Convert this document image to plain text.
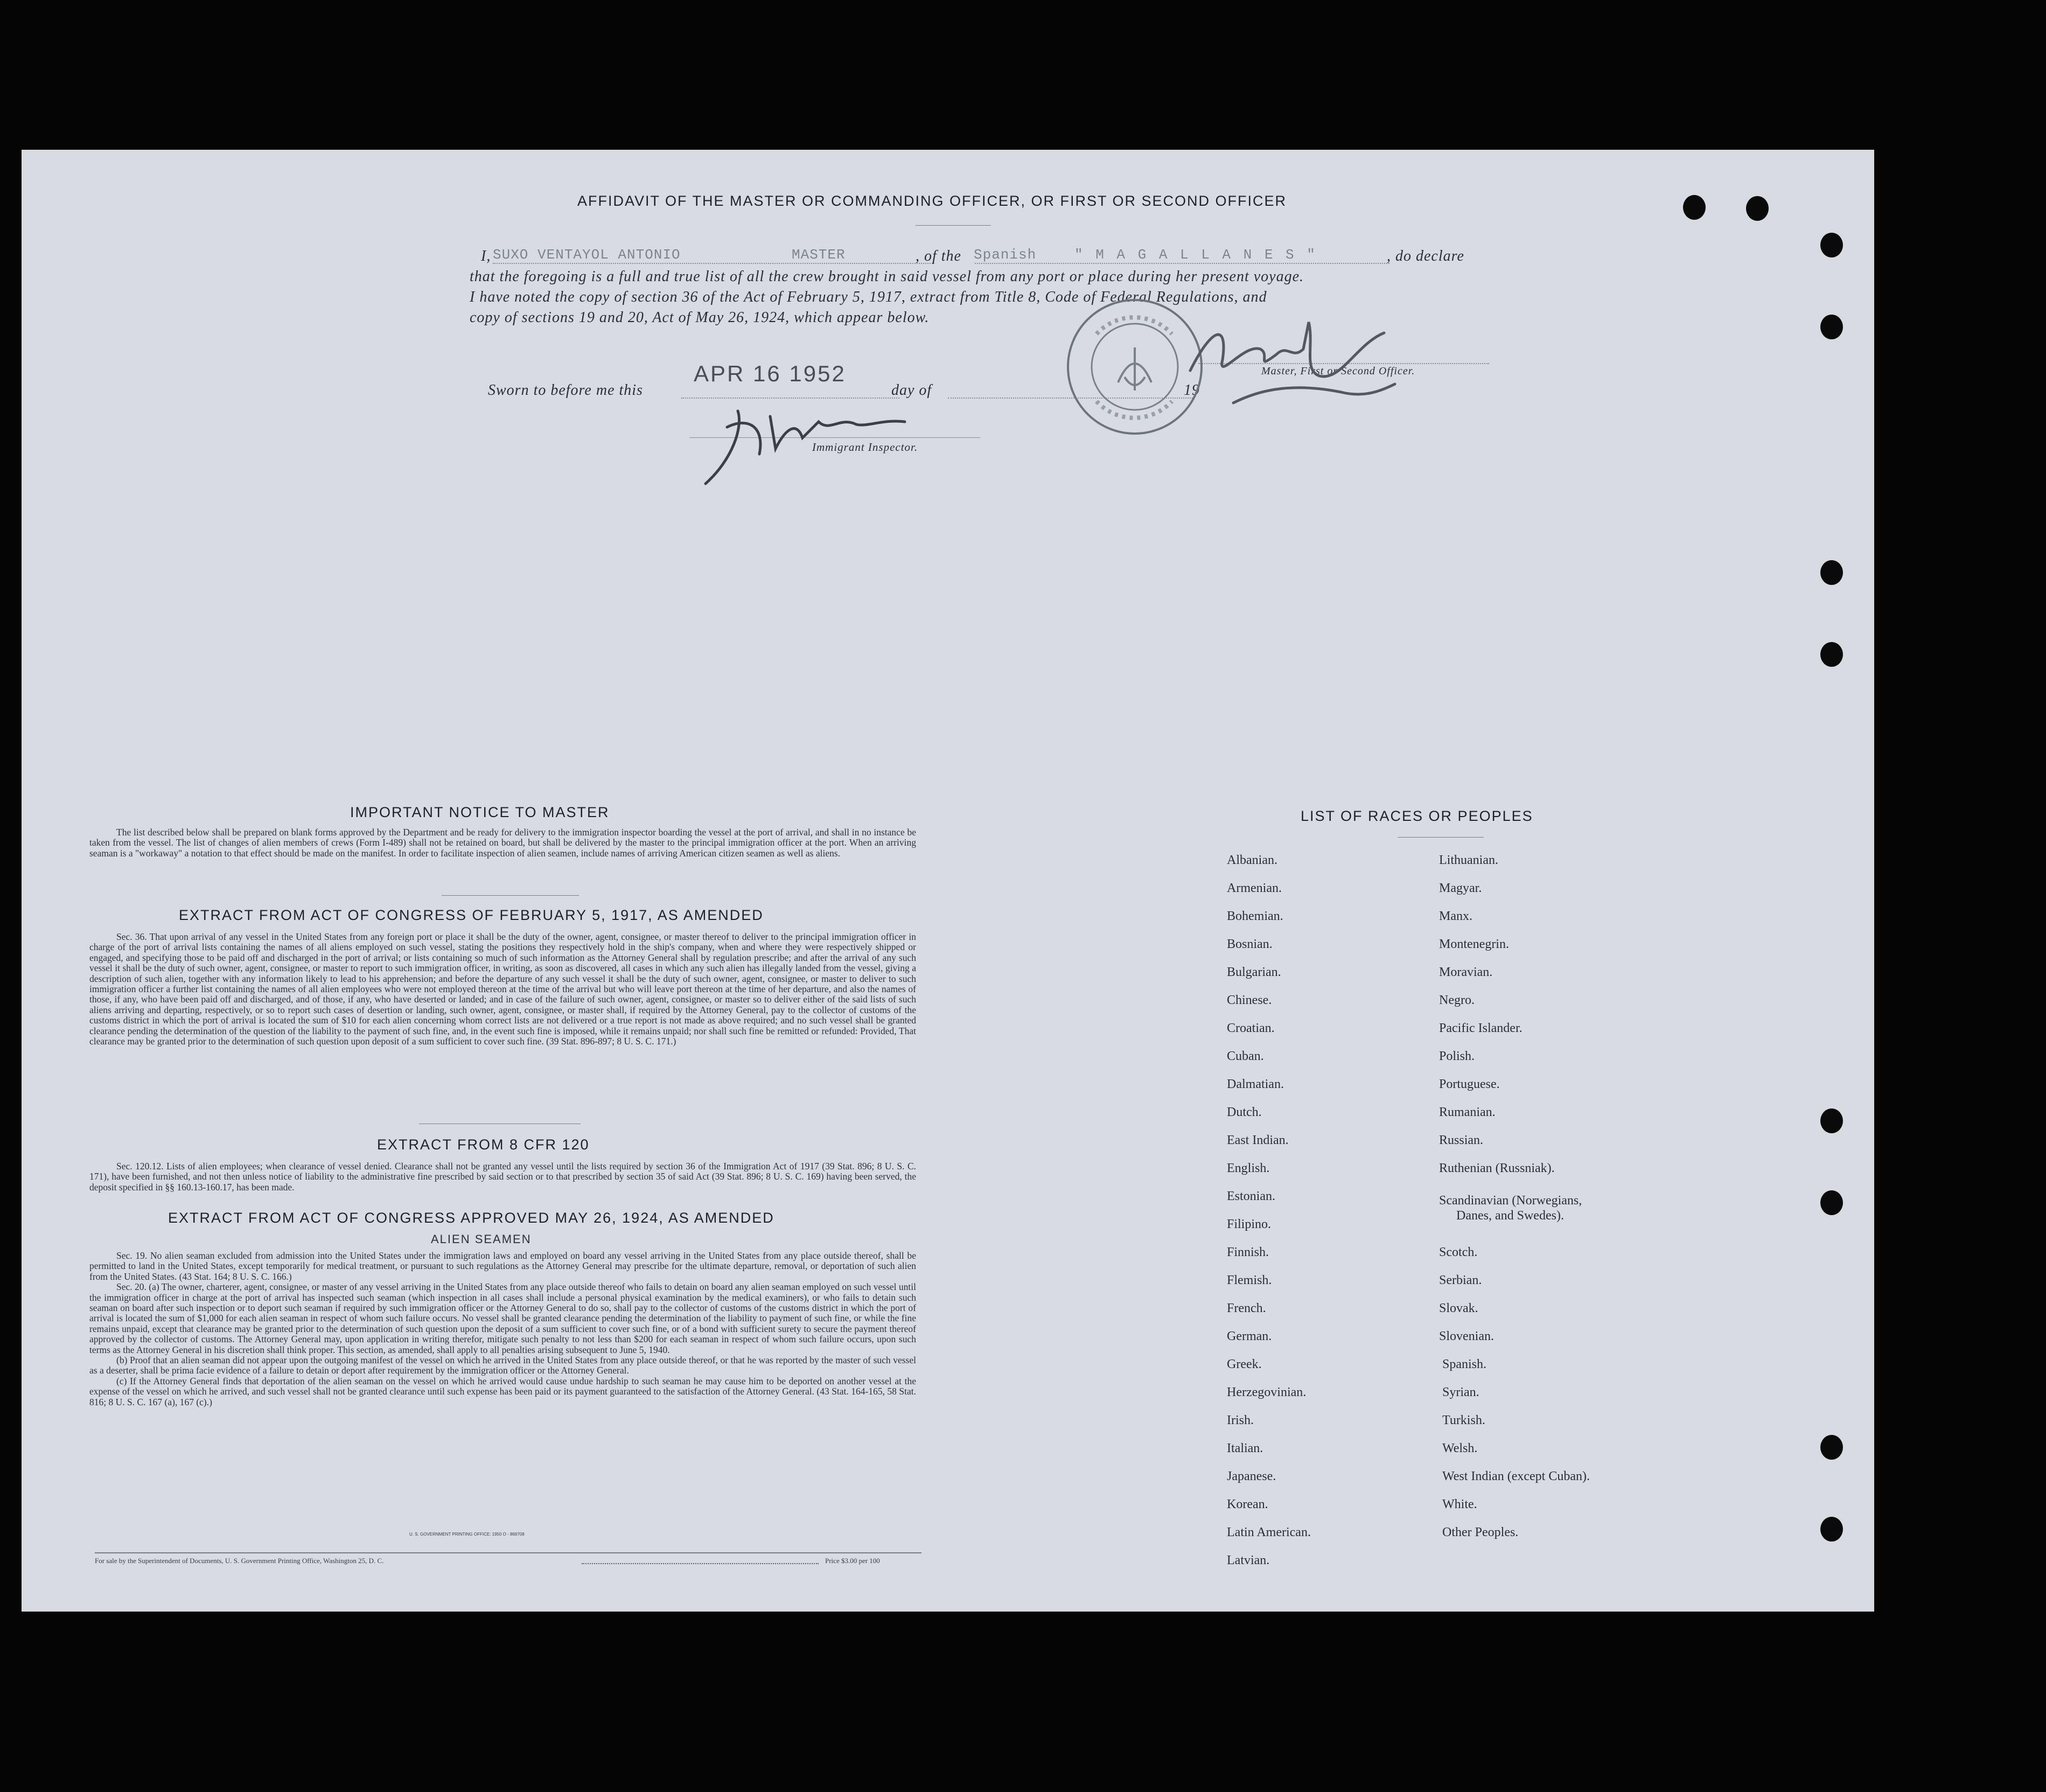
AFFIDAVIT OF THE MASTER OR COMMANDING OFFICER, OR FIRST OR SECOND OFFICER
I, SUXO VENTAYOL ANTONIO	MASTER	, of the Spanish	" M A G A L L A N E S "	, do declare
that the foregoing is a full and true list of all the crew brought in said vessel from any port or place during her present voyage.
I have noted the copy of section 36 of the Act of February 5, 1917, extract from Title 8, Code of Federal Regulations, and
copy of sections 19 and 20, Act of May 26, 1924, which appear below.
Sworn to before me this
APR 16 1952
day of	19
Master, First or Second Officer.
Immigrant Inspector.
IMPORTANT NOTICE TO MASTER
The list described below shall be prepared on blank forms approved by the Department and be ready for delivery to the immigration inspector boarding the vessel at the port of arrival, and shall in no instance be taken from the vessel. The list of changes of alien members of crews (Form I-489) shall not be retained on board, but shall be delivered by the master to the principal immigration officer at the port. When an arriving seaman is a "workaway" a notation to that effect should be made on the manifest. In order to facilitate inspection of alien seamen, include names of arriving American citizen seamen as well as aliens.
EXTRACT FROM ACT OF CONGRESS OF FEBRUARY 5, 1917, AS AMENDED
Sec. 36. That upon arrival of any vessel in the United States from any foreign port or place it shall be the duty of the owner, agent, consignee, or master thereof to deliver to the principal immigration officer in charge of the port of arrival lists containing the names of all aliens employed on such vessel, stating the positions they respectively hold in the ship's company, when and where they were respectively shipped or engaged, and specifying those to be paid off and discharged in the port of arrival; or lists containing so much of such information as the Attorney General shall by regulation prescribe; and after the arrival of any such vessel it shall be the duty of such owner, agent, consignee, or master to report to such immigration officer, in writing, as soon as discovered, all cases in which any such alien has illegally landed from the vessel, giving a description of such alien, together with any information likely to lead to his apprehension; and before the departure of any such vessel it shall be the duty of such owner, agent, consignee, or master to deliver to such immigration officer a further list containing the names of all alien employees who were not employed thereon at the time of the arrival but who will leave port thereon at the time of her departure, and also the names of those, if any, who have been paid off and discharged, and of those, if any, who have deserted or landed; and in case of the failure of such owner, agent, consignee, or master so to deliver either of the said lists of such aliens arriving and departing, respectively, or so to report such cases of desertion or landing, such owner, agent, consignee, or master shall, if required by the Attorney General, pay to the collector of customs of the customs district in which the port of arrival is located the sum of $10 for each alien concerning whom correct lists are not delivered or a true report is not made as above required; and no such vessel shall be granted clearance pending the determination of the question of the liability to the payment of such fine, and, in the event such fine is imposed, while it remains unpaid; nor shall such fine be remitted or refunded: Provided, That clearance may be granted prior to the determination of such question upon deposit of a sum sufficient to cover such fine. (39 Stat. 896-897; 8 U. S. C. 171.)
EXTRACT FROM 8 CFR 120
Sec. 120.12. Lists of alien employees; when clearance of vessel denied. Clearance shall not be granted any vessel until the lists required by section 36 of the Immigration Act of 1917 (39 Stat. 896; 8 U. S. C. 171), have been furnished, and not then unless notice of liability to the administrative fine prescribed by said section or to that prescribed by section 35 of said Act (39 Stat. 896; 8 U. S. C. 169) having been served, the deposit specified in §§ 160.13-160.17, has been made.
EXTRACT FROM ACT OF CONGRESS APPROVED MAY 26, 1924, AS AMENDED
ALIEN SEAMEN

Sec. 19. No alien seaman excluded from admission into the United States under the immigration laws and employed on board any vessel arriving in the United States from any place outside thereof, shall be permitted to land in the United States, except temporarily for medical treatment, or pursuant to such regulations as the Attorney General may prescribe for the ultimate departure, removal, or deportation of such alien from the United States. (43 Stat. 164; 8 U. S. C. 166.)

Sec. 20. (a) The owner, charterer, agent, consignee, or master of any vessel arriving in the United States from any place outside thereof who fails to detain on board any alien seaman employed on such vessel until the immigration officer in charge at the port of arrival has inspected such seaman (which inspection in all cases shall include a personal physical examination by the medical examiners), or who fails to detain such seaman on board after such inspection or to deport such seaman if required by such immigration officer or the Attorney General to do so, shall pay to the collector of customs of the customs district in which the port of arrival is located the sum of $1,000 for each alien seaman in respect of whom such failure occurs. No vessel shall be granted clearance pending the determination of the liability to payment of such fine, or while the fine remains unpaid, except that clearance may be granted prior to the determination of such question upon the deposit of a sum sufficient to cover such fine, or of a bond with sufficient surety to secure the payment thereof approved by the collector of customs. The Attorney General may, upon application in writing therefor, mitigate such penalty to not less than $200 for each seaman in respect of whom such failure occurs, upon such terms as the Attorney General in his discretion shall think proper. This section, as amended, shall apply to all penalties arising subsequent to June 5, 1940.

(b) Proof that an alien seaman did not appear upon the outgoing manifest of the vessel on which he arrived in the United States from any place outside thereof, or that he was reported by the master of such vessel as a deserter, shall be prima facie evidence of a failure to detain or deport after requirement by the immigration officer or the Attorney General.

(c) If the Attorney General finds that deportation of the alien seaman on the vessel on which he arrived would cause undue hardship to such seaman he may cause him to be deported on another vessel at the expense of the vessel on which he arrived, and such vessel shall not be granted clearance until such expense has been paid or its payment guaranteed to the satisfaction of the Attorney General. (43 Stat. 164-165, 58 Stat. 816; 8 U. S. C. 167 (a), 167 (c).)

U. S. GOVERNMENT PRINTING OFFICE: 1950 O - 869708
For sale by the Superintendent of Documents, U. S. Government Printing Office, Washington 25, D. C.	Price $3.00 per 100
LIST OF RACES OR PEOPLES
Albanian.
Armenian.
Bohemian.
Bosnian.
Bulgarian.
Chinese.
Croatian.
Cuban.
Dalmatian.
Dutch.
East Indian.
English.
Estonian.
Filipino.
Finnish.
Flemish.
French.
German.
Greek.
Herzegovinian.
Irish.
Italian.
Japanese.
Korean.
Latin American.
Latvian.
Lithuanian.
Magyar.
Manx.
Montenegrin.
Moravian.
Negro.
Pacific Islander.
Polish.
Portuguese.
Rumanian.
Russian.
Ruthenian (Russniak).
Scandinavian (Norwegians,
Danes, and Swedes).
Scotch.
Serbian.
Slovak.
Slovenian.
Spanish.
Syrian.
Turkish.
Welsh.
West Indian (except Cuban).
White.
Other Peoples.
